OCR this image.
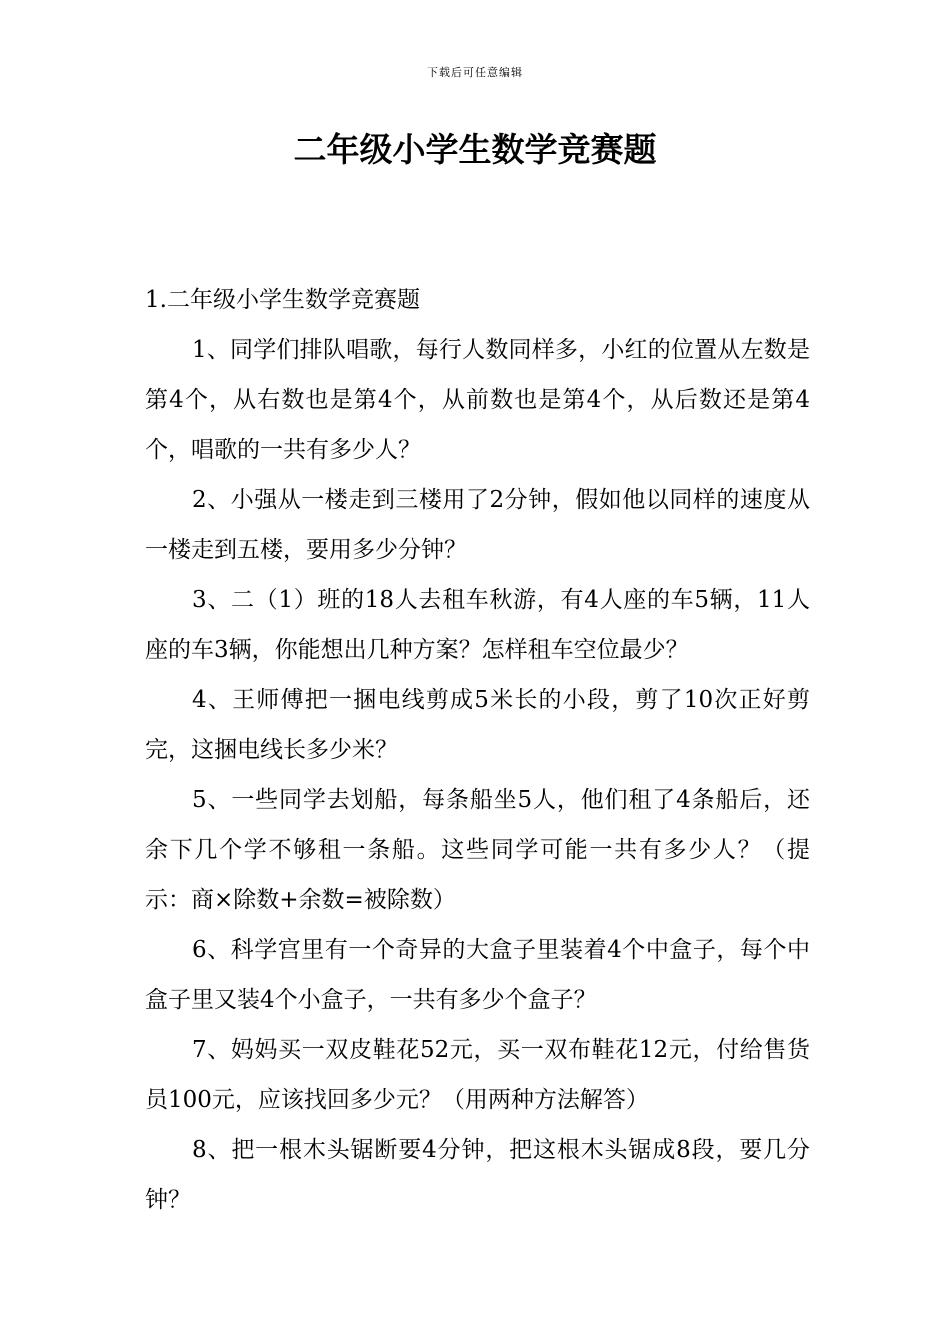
下载后可任意编辑
二年级小学生数学竞赛题

1.二年级小学生数学竞赛题

1、同学们排队唱歌，每行人数同样多，小红的位置从左数是第4个，从右数也是第4个，从前数也是第4个，从后数还是第4个，唱歌的一共有多少人？

2、小强从一楼走到三楼用了2分钟，假如他以同样的速度从一楼走到五楼，要用多少分钟？

3、二（1）班的18人去租车秋游，有4人座的车5辆，11人座的车3辆，你能想出几种方案？怎样租车空位最少？

4、王师傅把一捆电线剪成5米长的小段，剪了10次正好剪完，这捆电线长多少米？

5、一些同学去划船，每条船坐5人，他们租了4条船后，还余下几个学不够租一条船。这些同学可能一共有多少人？（提示：商×除数+余数=被除数）

6、科学宫里有一个奇异的大盒子里装着4个中盒子，每个中盒子里又装4个小盒子，一共有多少个盒子？

7、妈妈买一双皮鞋花52元，买一双布鞋花12元，付给售货员100元，应该找回多少元？（用两种方法解答）

8、把一根木头锯断要4分钟，把这根木头锯成8段，要几分钟？
